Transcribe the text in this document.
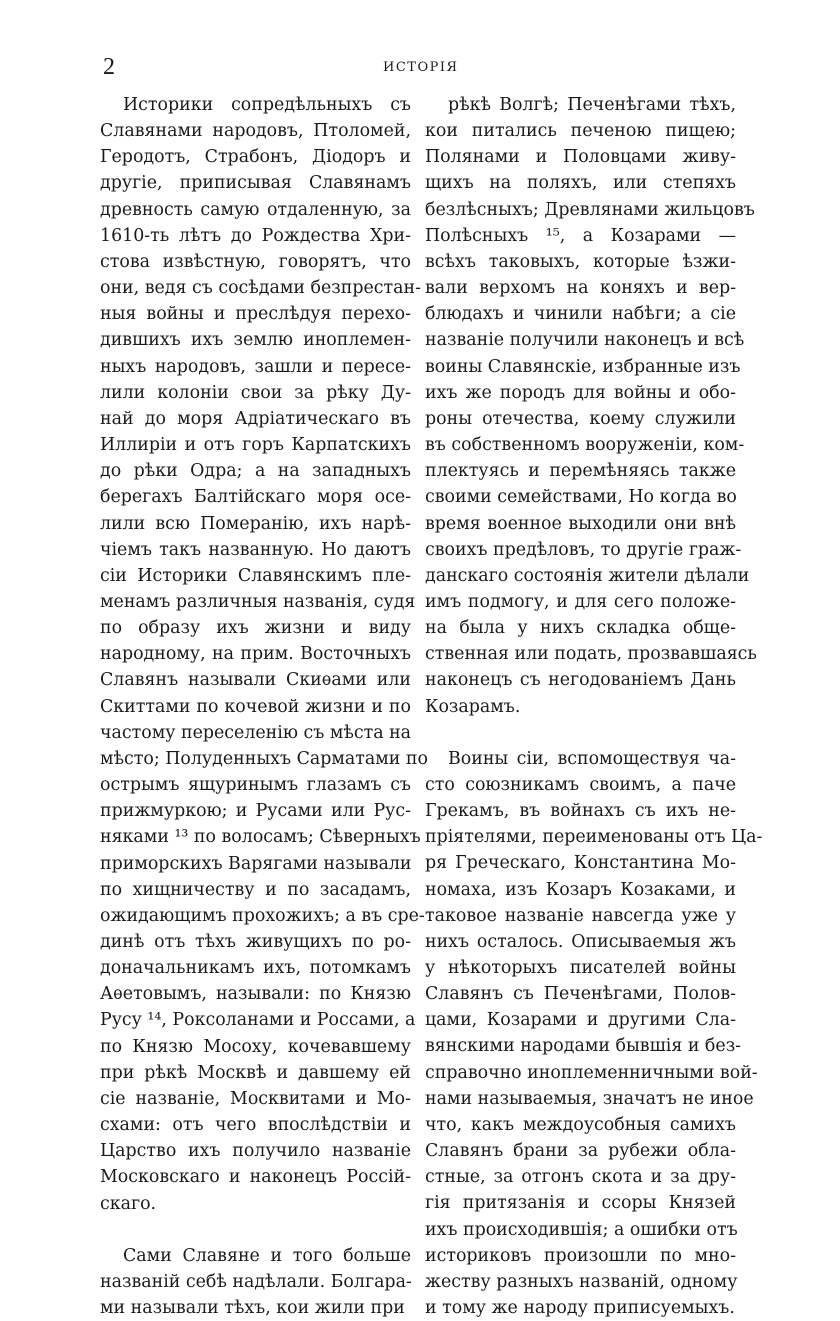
2	ИСТОРІЯ
Историки сопредѣльныхъ съ
Славянами народовъ, Птоломей,
Геродотъ, Страбонъ, Діодоръ и
другіе, приписывая Славянамъ
древность самую отдаленную, за
1610-ть лѣтъ до Рождества Хри-
стова извѣстную, говорятъ, что
они, ведя съ сосѣдами безпрестан-
ныя войны и преслѣдуя перехо-
дившихъ ихъ землю иноплемен-
ныхъ народовъ, зашли и пересе-
лили колоніи свои за рѣку Ду-
най до моря Адріатическаго въ
Иллиріи и отъ горъ Карпатскихъ
до рѣки Одра; а на западныхъ
берегахъ Балтійскаго моря осе-
лили всю Померанію, ихъ нарѣ-
чіемъ такъ названную. Но даютъ
сіи Историки Славянскимъ пле-
менамъ различныя названія, судя
по образу ихъ жизни и виду
народному, на прим. Восточныхъ
Славянъ называли Скиѳами или
Скиттами по кочевой жизни и по
частому переселенію съ мѣста на
мѣсто; Полуденныхъ Сарматами по
острымъ ящуринымъ глазамъ съ
прижмуркою; и Русами или Рус-
няками ¹³ по волосамъ; Сѣверныхъ
приморскихъ Варягами называли
по хищничеству и по засадамъ,
ожидающимъ прохожихъ; а въ сре-
динѣ отъ тѣхъ живущихъ по ро-
доначальникамъ ихъ, потомкамъ
Аѳетовымъ, называли: по Князю
Русу ¹⁴, Роксоланами и Россами, а
по Князю Мосоху, кочевавшему
при рѣкѣ Москвѣ и давшему ей
сіе названіе, Москвитами и Мо-
схами: отъ чего впослѣдствіи и
Царство ихъ получило названіе
Московскаго и наконецъ Россій-
скаго.
Сами Славяне и того больше
названій себѣ надѣлали. Болгара-
ми называли тѣхъ, кои жили при
рѣкѣ Волгѣ; Печенѣгами тѣхъ,
кои питались печеною пищею;
Полянами и Половцами живу-
щихъ на поляхъ, или степяхъ
безлѣсныхъ; Древлянами жильцовъ
Полѣсныхъ ¹⁵, а Козарами —
всѣхъ таковыхъ, которые ѣзжи-
вали верхомъ на коняхъ и вер-
блюдахъ и чинили набѣги; а сіе
названіе получили наконецъ и всѣ
воины Славянскіе, избранные изъ
ихъ же породъ для войны и обо-
роны отечества, коему служили
въ собственномъ вооруженіи, ком-
плектуясь и перемѣняясь также
своими семействами, Но когда во
время военное выходили они внѣ
своихъ предѣловъ, то другіе граж-
данскаго состоянія жители дѣлали
имъ подмогу, и для сего положе-
на была у нихъ складка обще-
ственная или подать, прозвавшаясь
наконецъ съ негодованіемъ Дань
Козарамъ.
Воины сіи, вспомоществуя ча-
сто союзникамъ своимъ, а паче
Грекамъ, въ войнахъ съ ихъ не-
пріятелями, переименованы отъ Ца-
ря Греческаго, Константина Мо-
номаха, изъ Козаръ Козаками, и
таковое названіе навсегда уже у
нихъ осталось. Описываемыя жъ
у нѣкоторыхъ писателей войны
Славянъ съ Печенѣгами, Полов-
цами, Козарами и другими Сла-
вянскими народами бывшія и без-
справочно иноплеменничными вой-
нами называемыя, значатъ не иное
что, какъ междоусобныя самихъ
Славянъ брани за рубежи обла-
стные, за отгонъ скота и за дру-
гія притязанія и ссоры Князей
ихъ происходившія; а ошибки отъ
историковъ произошли по мно-
жеству разныхъ названій, одному
и тому же народу приписуемыхъ.
